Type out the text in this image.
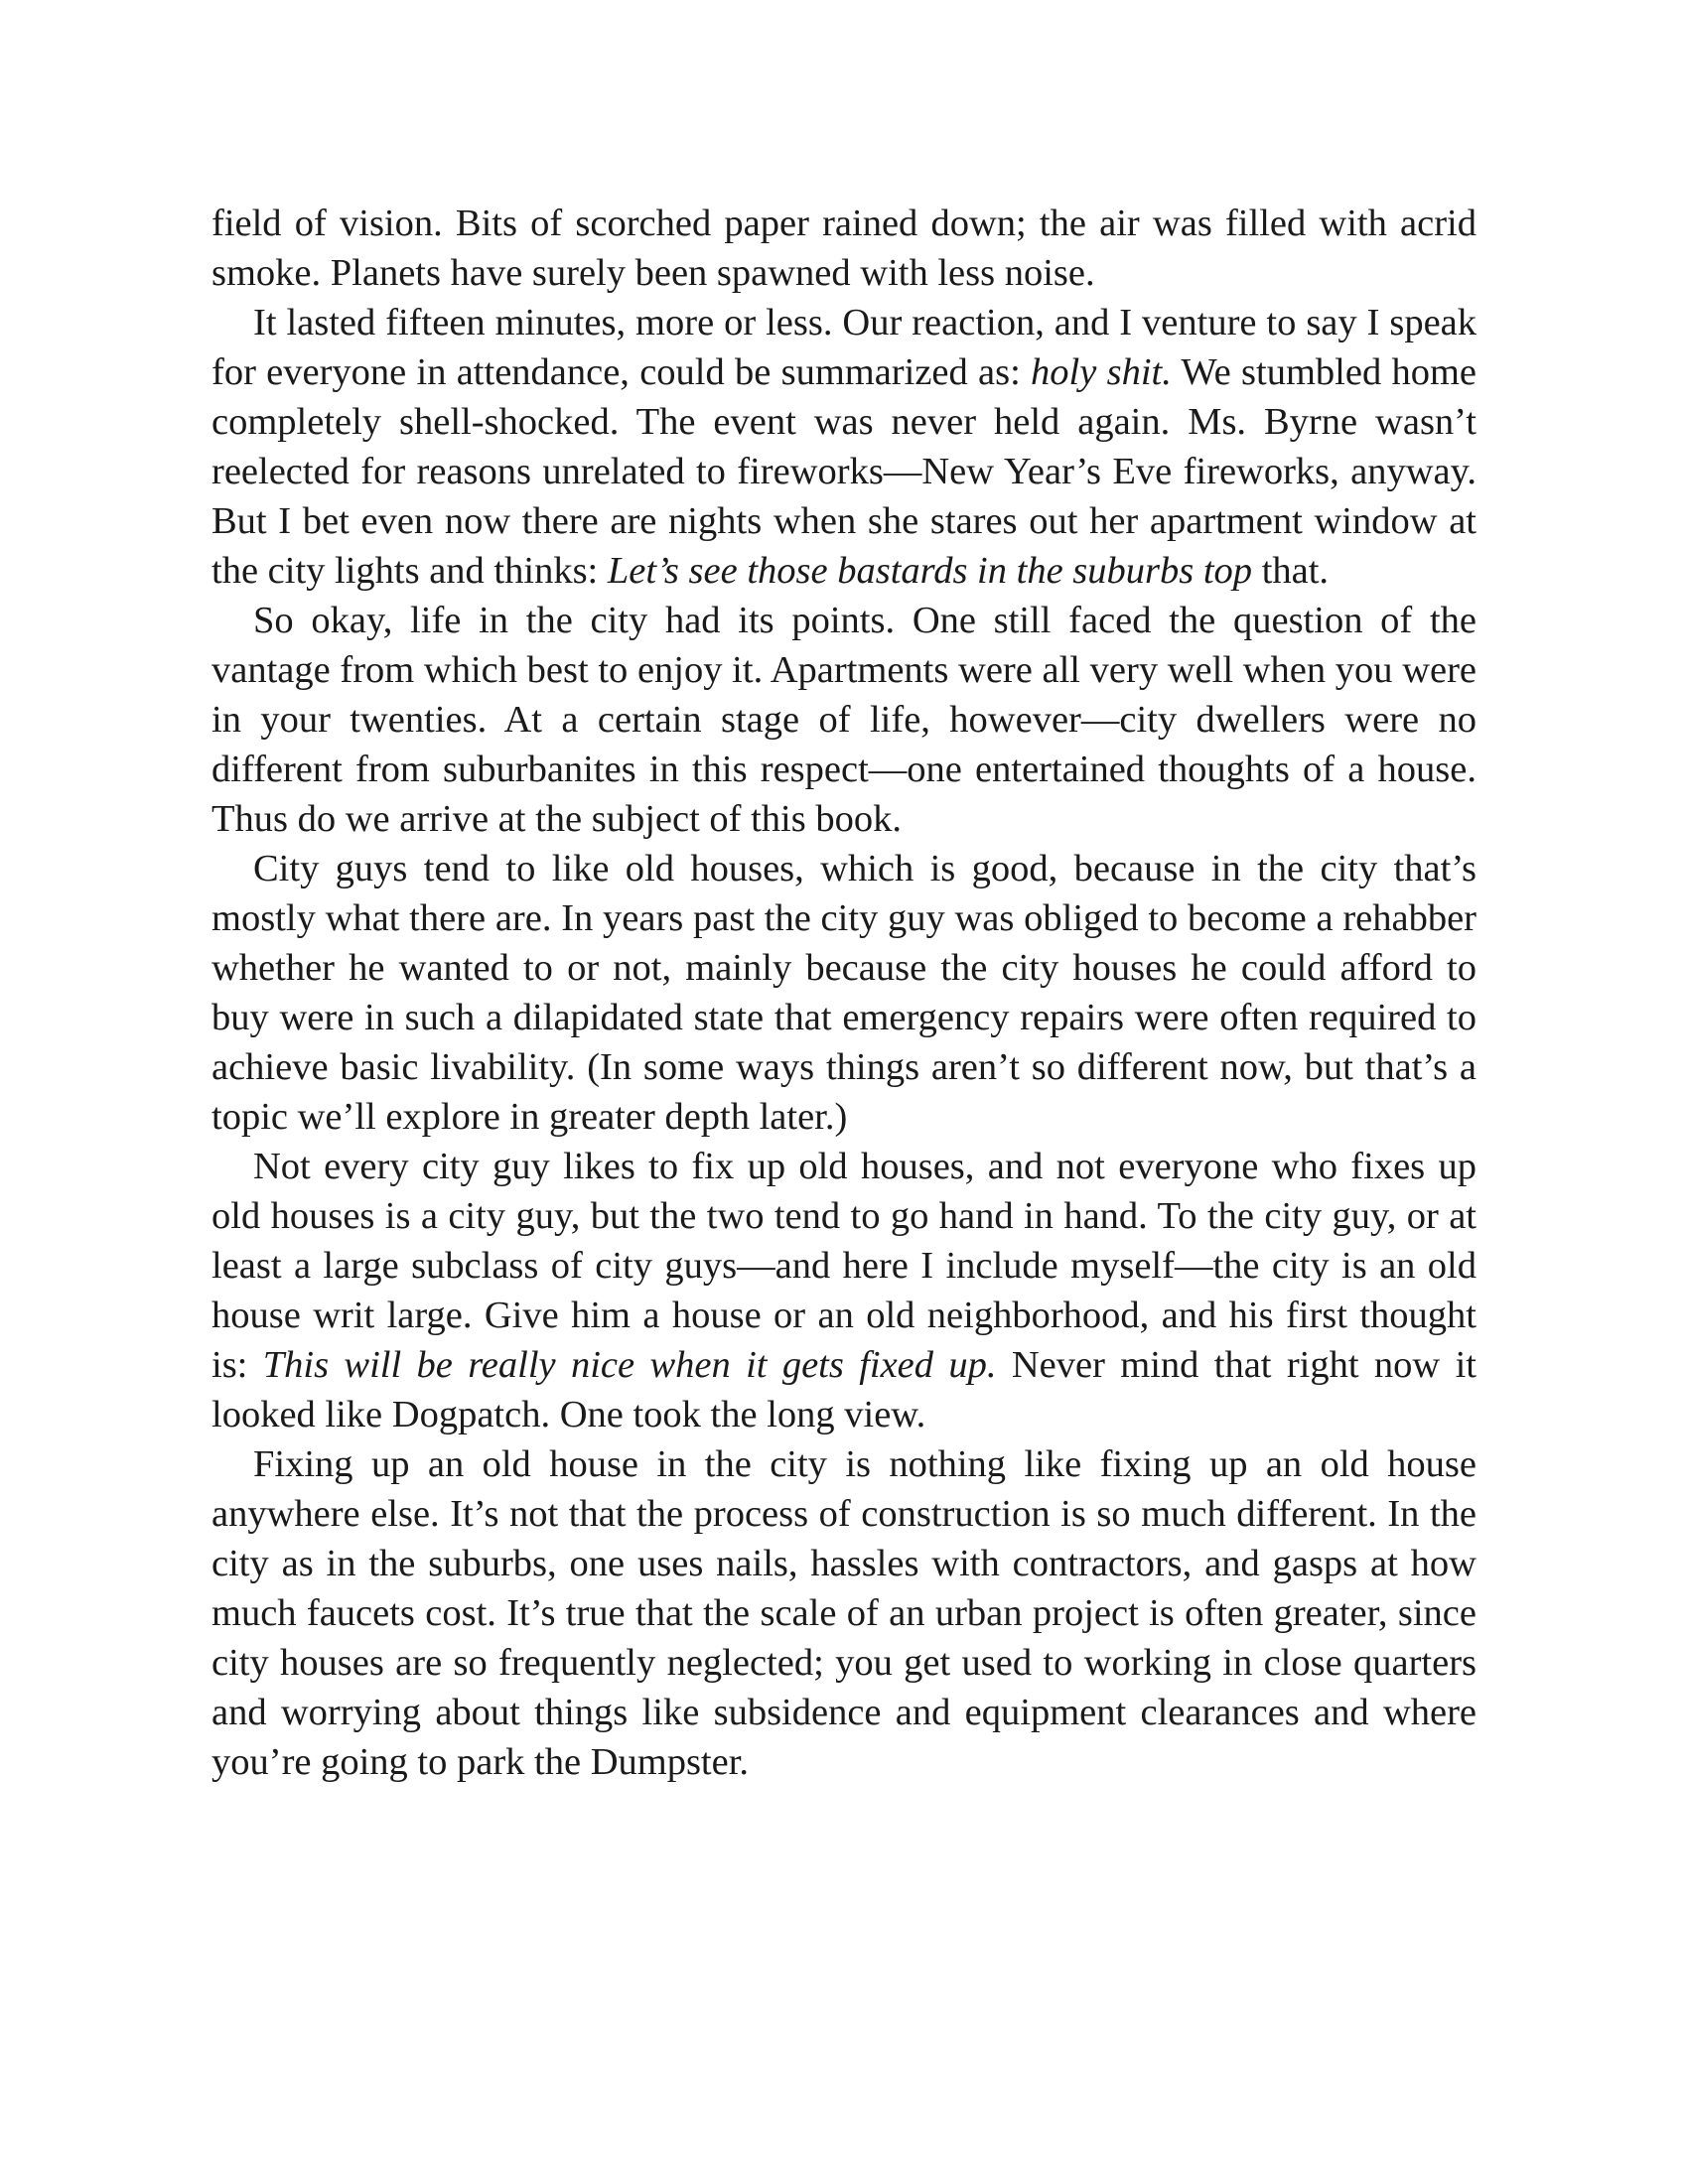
field of vision. Bits of scorched paper rained down; the air was filled with acrid smoke. Planets have surely been spawned with less noise.

It lasted fifteen minutes, more or less. Our reaction, and I venture to say I speak for everyone in attendance, could be summarized as: holy shit. We stumbled home completely shell-shocked. The event was never held again. Ms. Byrne wasn’t reelected for reasons unrelated to fireworks—New Year’s Eve fireworks, anyway. But I bet even now there are nights when she stares out her apartment window at the city lights and thinks: Let’s see those bastards in the suburbs top that.

So okay, life in the city had its points. One still faced the question of the vantage from which best to enjoy it. Apartments were all very well when you were in your twenties. At a certain stage of life, however—city dwellers were no different from suburbanites in this respect—one entertained thoughts of a house. Thus do we arrive at the subject of this book.

City guys tend to like old houses, which is good, because in the city that’s mostly what there are. In years past the city guy was obliged to become a rehabber whether he wanted to or not, mainly because the city houses he could afford to buy were in such a dilapidated state that emergency repairs were often required to achieve basic livability. (In some ways things aren’t so different now, but that’s a topic we’ll explore in greater depth later.)

Not every city guy likes to fix up old houses, and not everyone who fixes up old houses is a city guy, but the two tend to go hand in hand. To the city guy, or at least a large subclass of city guys—and here I include myself—the city is an old house writ large. Give him a house or an old neighborhood, and his first thought is: This will be really nice when it gets fixed up. Never mind that right now it looked like Dogpatch. One took the long view.

Fixing up an old house in the city is nothing like fixing up an old house anywhere else. It’s not that the process of construction is so much different. In the city as in the suburbs, one uses nails, hassles with contractors, and gasps at how much faucets cost. It’s true that the scale of an urban project is often greater, since city houses are so frequently neglected; you get used to working in close quarters and worrying about things like subsidence and equipment clearances and where you’re going to park the Dumpster.
